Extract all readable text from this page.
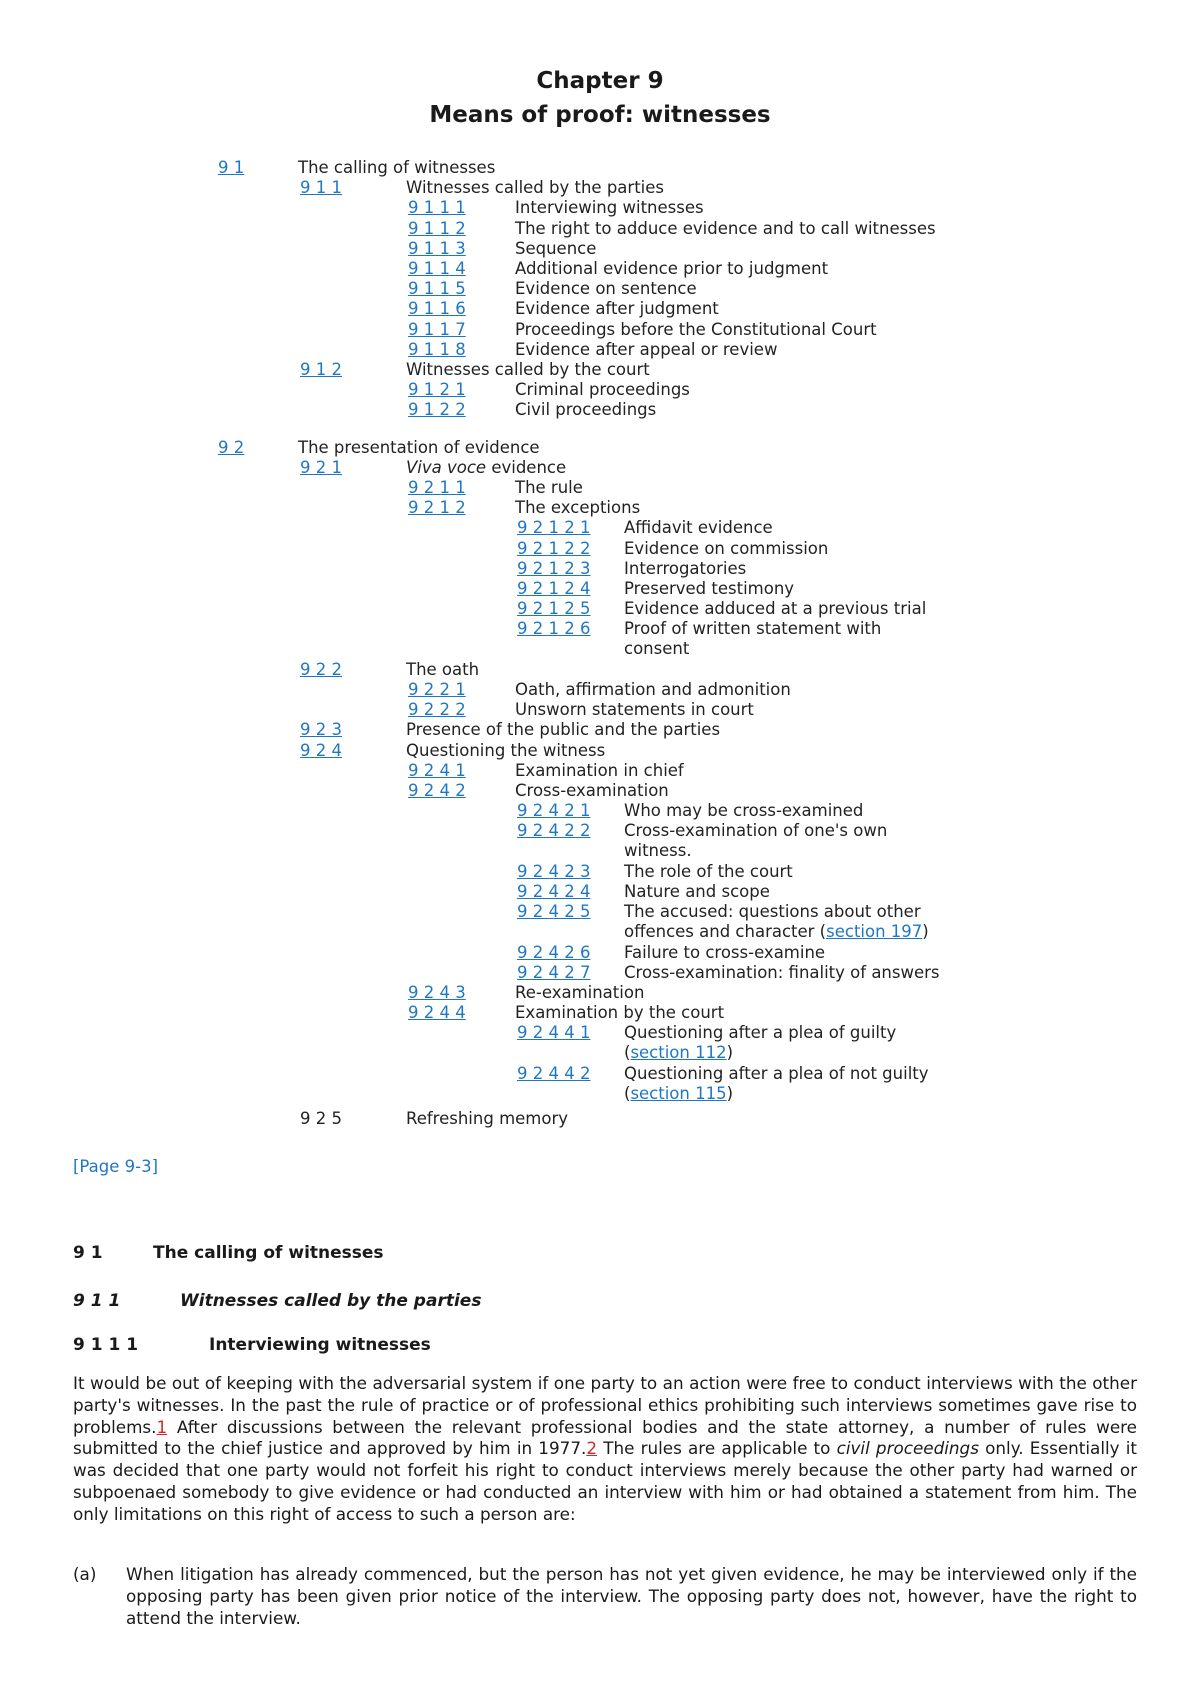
Chapter 9
Means of proof: witnesses
9 1	The calling of witnesses
9 1 1	Witnesses called by the parties
9 1 1 1	Interviewing witnesses
9 1 1 2	The right to adduce evidence and to call witnesses
9 1 1 3	Sequence
9 1 1 4	Additional evidence prior to judgment
9 1 1 5	Evidence on sentence
9 1 1 6	Evidence after judgment
9 1 1 7	Proceedings before the Constitutional Court
9 1 1 8	Evidence after appeal or review
9 1 2	Witnesses called by the court
9 1 2 1	Criminal proceedings
9 1 2 2	Civil proceedings
9 2	The presentation of evidence
9 2 1	Viva voce evidence
9 2 1 1	The rule
9 2 1 2	The exceptions
9 2 1 2 1 Affidavit evidence
9 2 1 2 2 Evidence on commission
9 2 1 2 3 Interrogatories
9 2 1 2 4 Preserved testimony
9 2 1 2 5 Evidence adduced at a previous trial
9 2 1 2 6 Proof of written statement with
consent
9 2 2	The oath
9 2 2 1	Oath, affirmation and admonition
9 2 2 2	Unsworn statements in court
9 2 3	Presence of the public and the parties
9 2 4	Questioning the witness
9 2 4 1	Examination in chief
9 2 4 2	Cross-examination
9 2 4 2 1 Who may be cross-examined
9 2 4 2 2 Cross-examination of one's own
witness.
9 2 4 2 3 The role of the court
9 2 4 2 4 Nature and scope
9 2 4 2 5 The accused: questions about other
offences and character (section 197)
9 2 4 2 6 Failure to cross-examine
9 2 4 2 7 Cross-examination: finality of answers
9 2 4 3	Re-examination
9 2 4 4	Examination by the court
9 2 4 4 1 Questioning after a plea of guilty
(section 112)
9 2 4 4 2 Questioning after a plea of not guilty
(section 115)
9 2 5	Refreshing memory
[Page 9-3]
9 1	The calling of witnesses
9 1 1	Witnesses called by the parties
9 1 1 1	Interviewing witnesses
It would be out of keeping with the adversarial system if one party to an action were free to conduct interviews with the other party's witnesses. In the past the rule of practice or of professional ethics prohibiting such interviews sometimes gave rise to problems.1 After discussions between the relevant professional bodies and the state attorney, a number of rules were submitted to the chief justice and approved by him in 1977.2 The rules are applicable to civil proceedings only. Essentially it was decided that one party would not forfeit his right to conduct interviews merely because the other party had warned or subpoenaed somebody to give evidence or had conducted an interview with him or had obtained a statement from him. The only limitations on this right of access to such a person are:
(a) When litigation has already commenced, but the person has not yet given evidence, he may be interviewed only if the opposing party has been given prior notice of the interview. The opposing party does not, however, have the right to attend the interview.
